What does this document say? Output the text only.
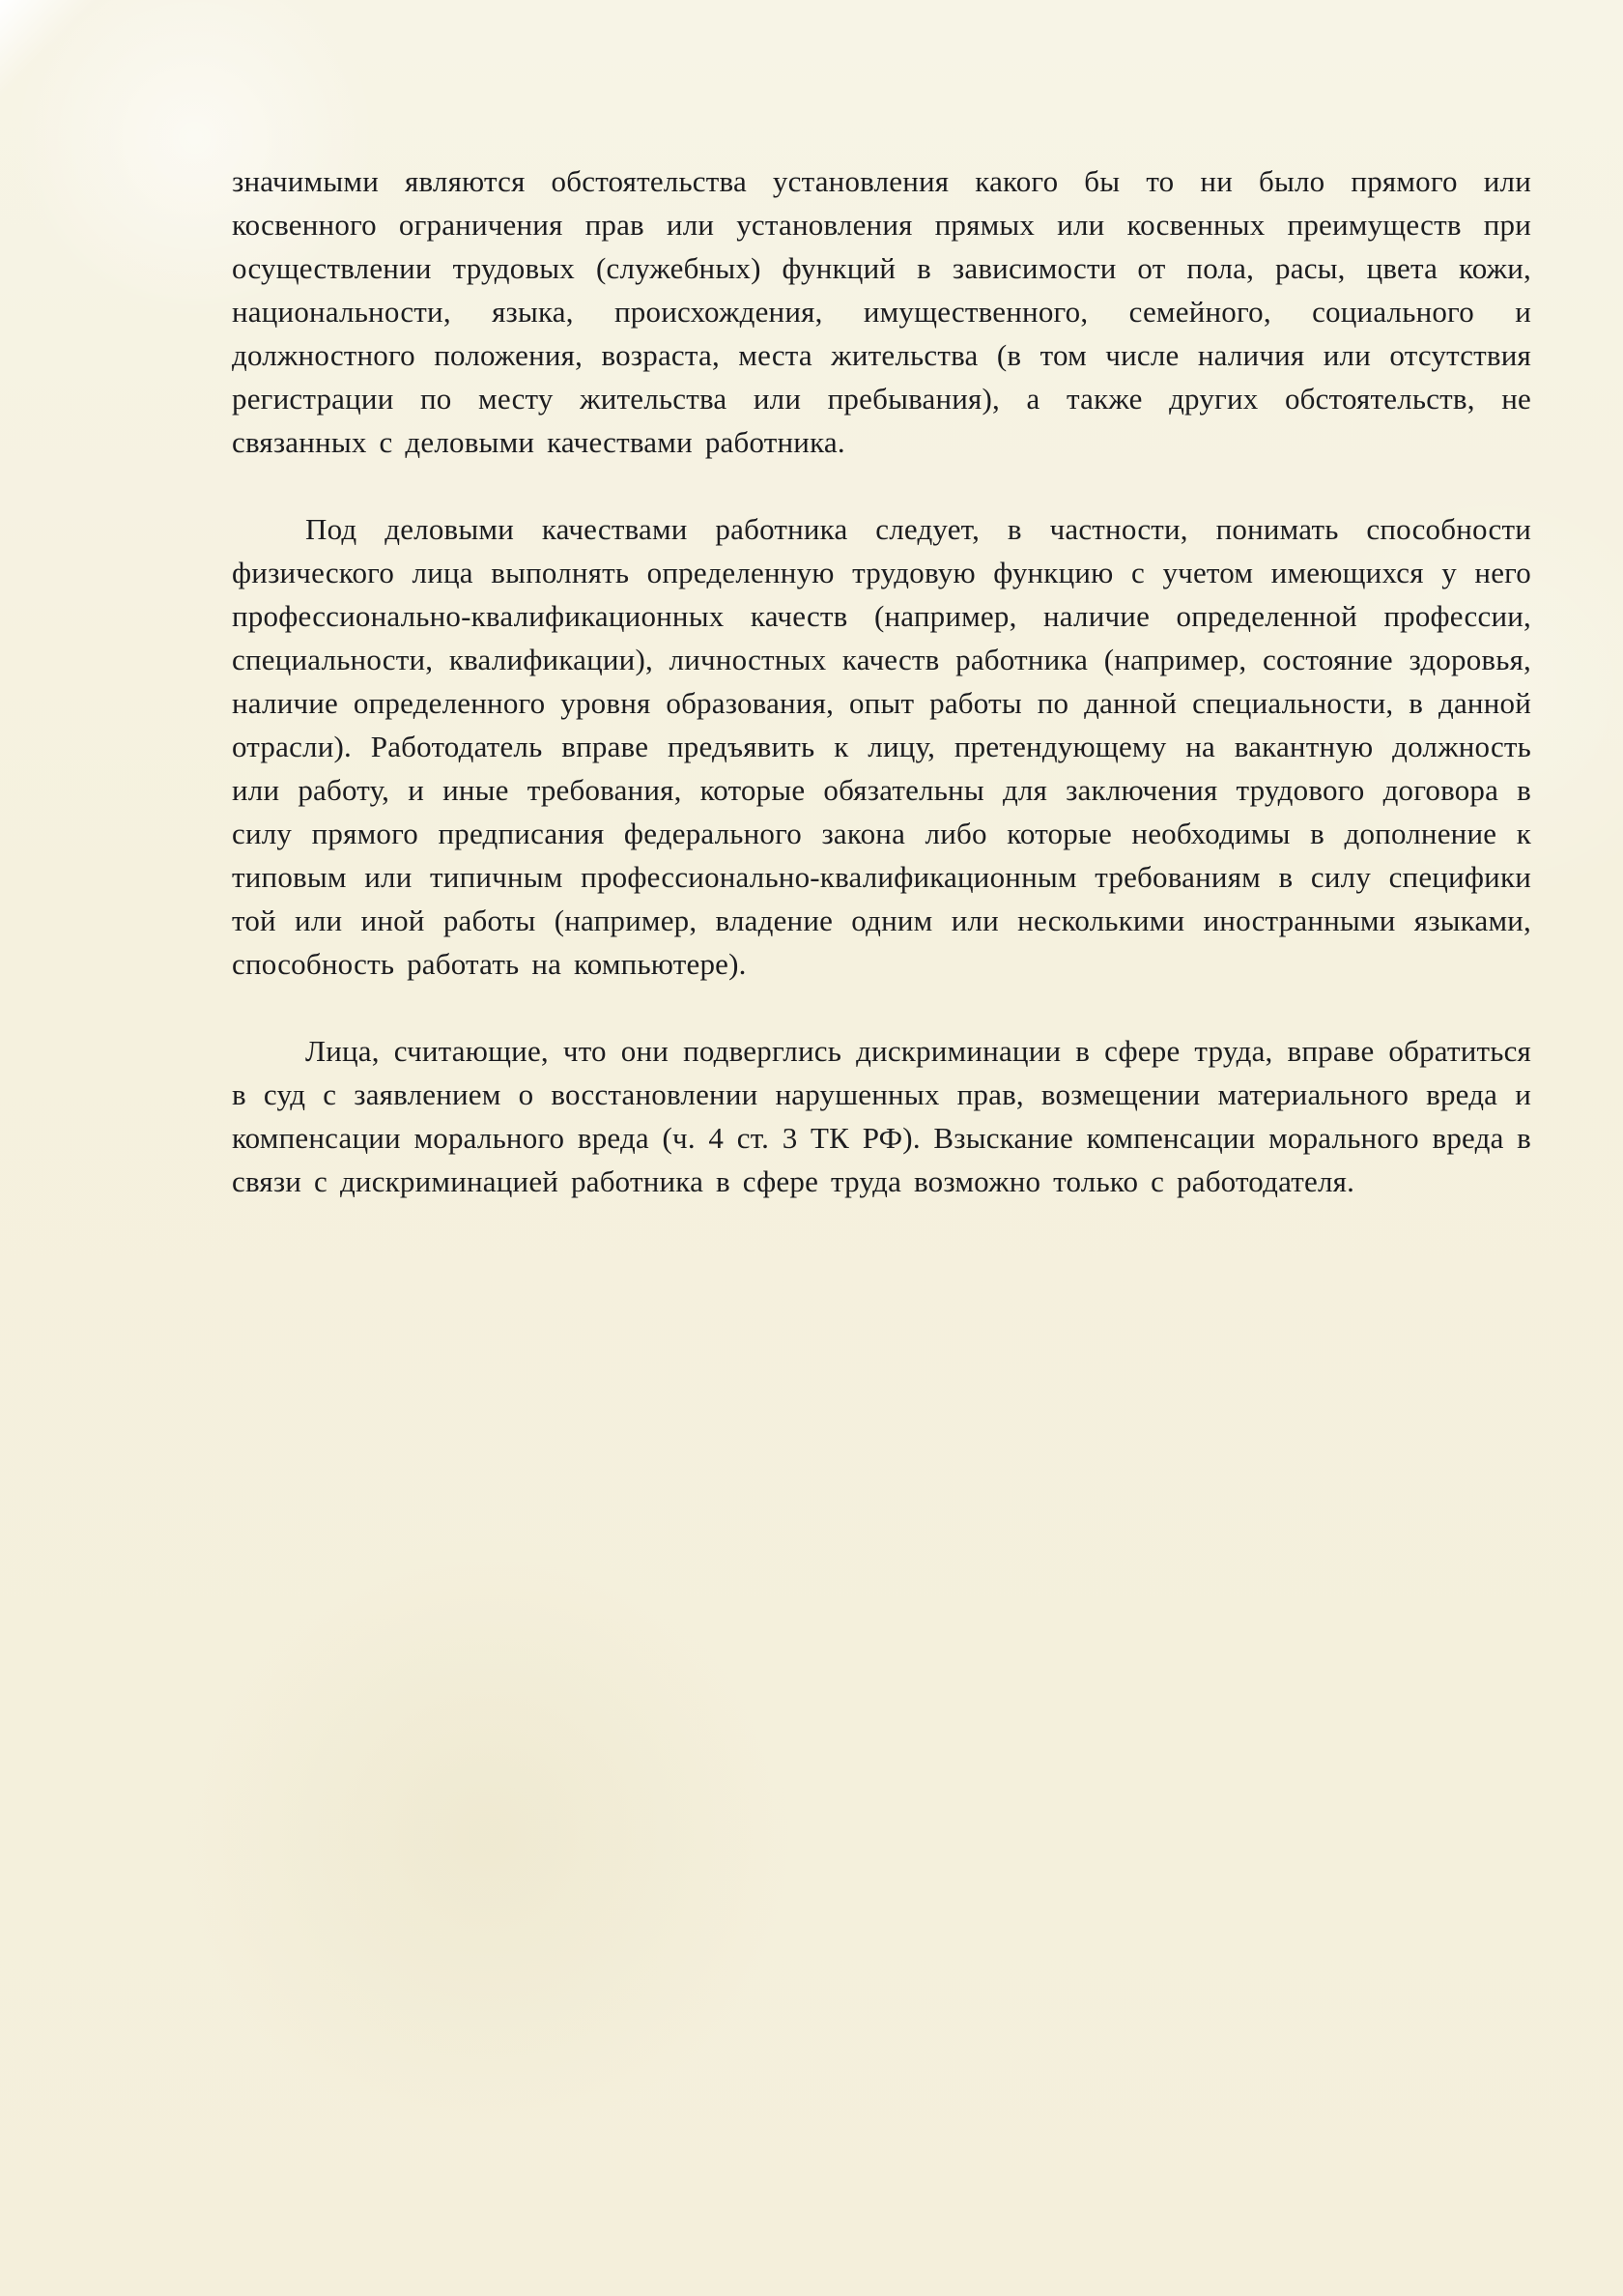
значимыми являются обстоятельства установления какого бы то ни было прямого или косвенного ограничения прав или установления прямых или косвенных преимуществ при осуществлении трудовых (служебных) функций в зависимости от пола, расы, цвета кожи, национальности, языка, происхождения, имущественного, семейного, социального и должностного положения, возраста, места жительства (в том числе наличия или отсутствия регистрации по месту жительства или пребывания), а также других обстоятельств, не связанных с деловыми качествами работника.

Под деловыми качествами работника следует, в частности, понимать способности физического лица выполнять определенную трудовую функцию с учетом имеющихся у него профессионально-квалификационных качеств (например, наличие определенной профессии, специальности, квалификации), личностных качеств работника (например, состояние здоровья, наличие определенного уровня образования, опыт работы по данной специальности, в данной отрасли). Работодатель вправе предъявить к лицу, претендующему на вакантную должность или работу, и иные требования, которые обязательны для заключения трудового договора в силу прямого предписания федерального закона либо которые необходимы в дополнение к типовым или типичным профессионально-квалификационным требованиям в силу специфики той или иной работы (например, владение одним или несколькими иностранными языками, способность работать на компьютере).

Лица, считающие, что они подверглись дискриминации в сфере труда, вправе обратиться в суд с заявлением о восстановлении нарушенных прав, возмещении материального вреда и компенсации морального вреда (ч. 4 ст. 3 ТК РФ). Взыскание компенсации морального вреда в связи с дискриминацией работника в сфере труда возможно только с работодателя.
